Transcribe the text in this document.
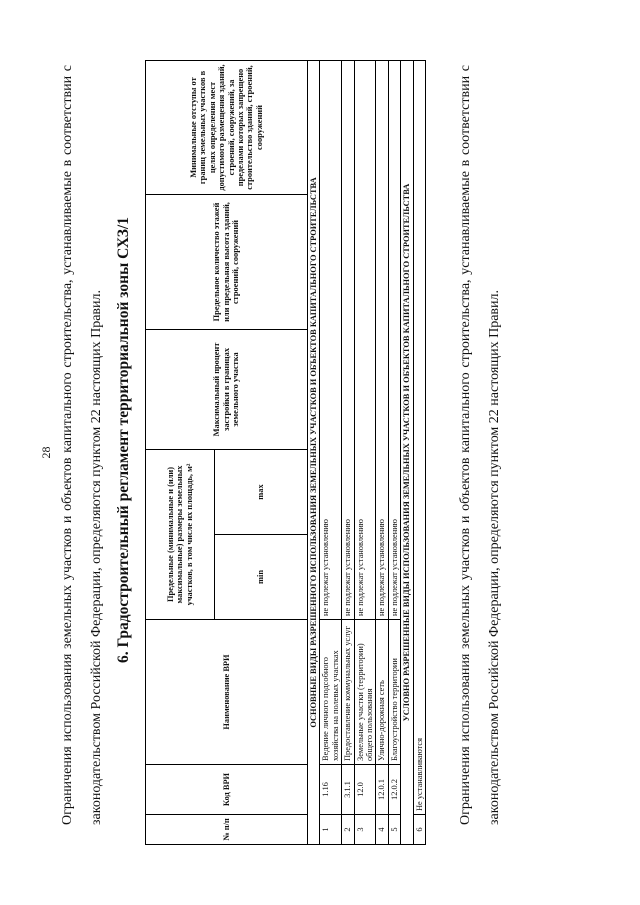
28 Ограничения использования земельных участков и объектов капитального строительства, устанавливаемые в соответствии с законодательством Российской Федерации, определяются пунктом 22 настоящих Правил. 6. Градостроительный регламент территориальной зоны СХЗ/1
№ п/п	Код ВРИ	Наименование ВРИ	Предельные (минимальные и (или) максимальные) размеры земельных участков, в том числе их площадь, м²		Максимальный процент застройки в границах земельного участка	Предельное количество этажей или предельная высота зданий, строений, сооружений	Минимальные отступы от границ земельных участков в целях определения мест допустимого размещения зданий, строений, сооружений, за пределами которых запрещено строительство зданий, строений, сооружений
			min	max			
ОСНОВНЫЕ ВИДЫ РАЗРЕШЕННОГО ИСПОЛЬЗОВАНИЯ ЗЕМЕЛЬНЫХ УЧАСТКОВ И ОБЪЕКТОВ КАПИТАЛЬНОГО СТРОИТЕЛЬСТВА							
1	1.16	Ведение личного подсобного хозяйства на полевых участках	не подлежат установлению				
2	3.1.1	Предоставление коммунальных услуг	не подлежат установлению				
3	12.0	Земельные участки (территории) общего пользования	не подлежат установлению				
4	12.0.1	Улично-дорожная сеть	не подлежат установлению				
5	12.0.2	Благоустройство территории	не подлежат установлению				
УСЛОВНО РАЗРЕШЕННЫЕ ВИДЫ ИСПОЛЬЗОВАНИЯ ЗЕМЕЛЬНЫХ УЧАСТКОВ И ОБЪЕКТОВ КАПИТАЛЬНОГО СТРОИТЕЛЬСТВА							
6	Не устанавливаются							Ограничения использования земельных участков и объектов капитального строительства, устанавливаемые в соответствии с законодательством Российской Федерации, определяются пунктом 22 настоящих Правил.
